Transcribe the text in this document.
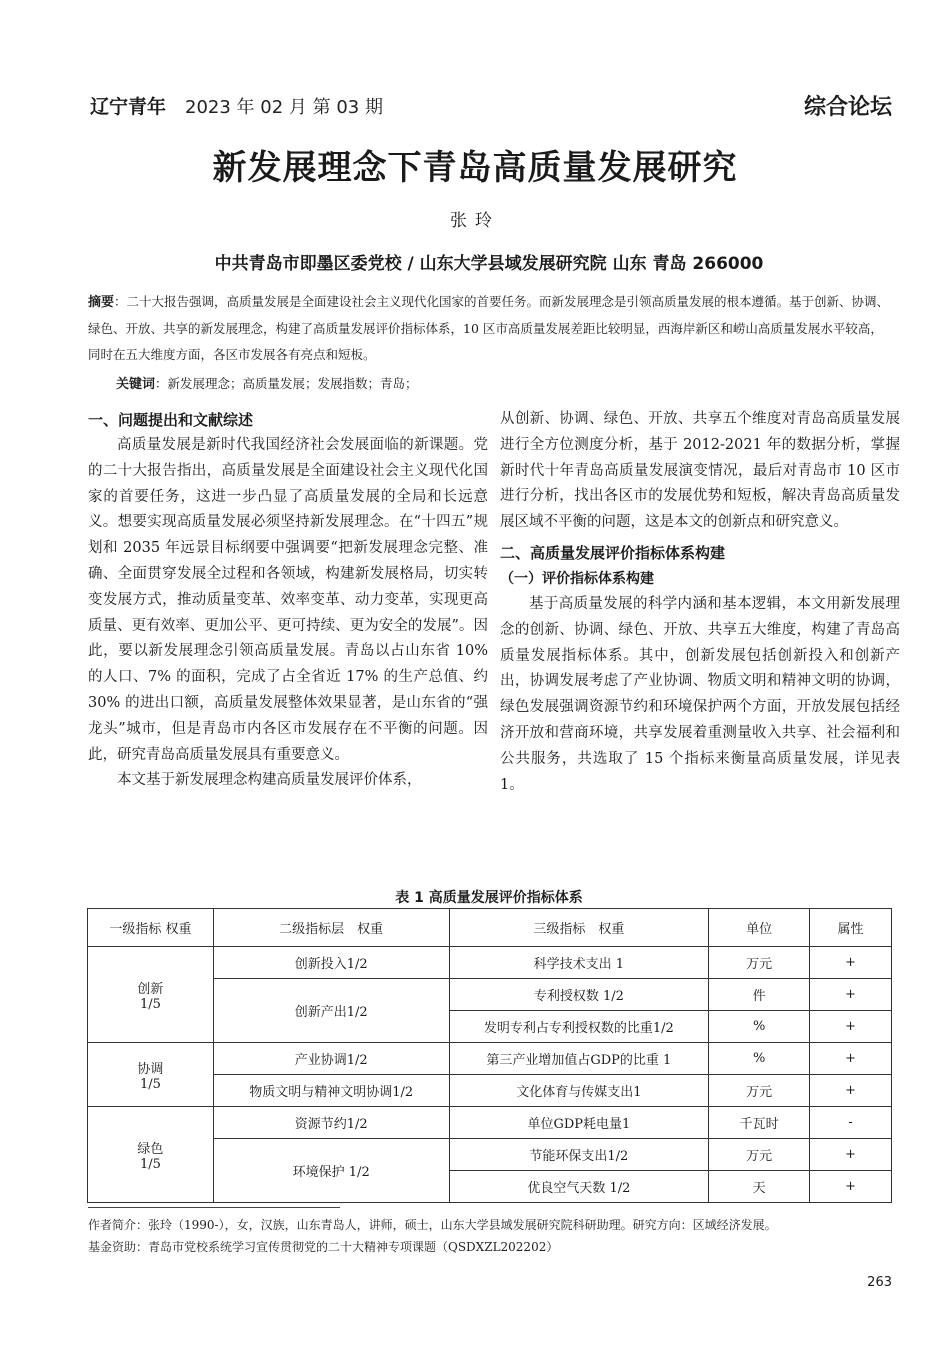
辽宁青年 2023 年 02 月 第 03 期	综合论坛
新发展理念下青岛高质量发展研究
张玲
中共青岛市即墨区委党校 / 山东大学县域发展研究院 山东 青岛 266000
摘要：二十大报告强调，高质量发展是全面建设社会主义现代化国家的首要任务。而新发展理念是引领高质量发展的根本遵循。基于创新、协调、绿色、开放、共享的新发展理念，构建了高质量发展评价指标体系，10 区市高质量发展差距比较明显，西海岸新区和崂山高质量发展水平较高，同时在五大维度方面，各区市发展各有亮点和短板。
关键词：新发展理念；高质量发展；发展指数；青岛；
一、问题提出和文献综述

高质量发展是新时代我国经济社会发展面临的新课题。党的二十大报告指出，高质量发展是全面建设社会主义现代化国家的首要任务，这进一步凸显了高质量发展的全局和长远意义。想要实现高质量发展必须坚持新发展理念。在“十四五”规划和 2035 年远景目标纲要中强调要“把新发展理念完整、准确、全面贯穿发展全过程和各领域，构建新发展格局，切实转变发展方式，推动质量变革、效率变革、动力变革，实现更高质量、更有效率、更加公平、更可持续、更为安全的发展”。因此，要以新发展理念引领高质量发展。青岛以占山东省 10% 的人口、7% 的面积，完成了占全省近 17% 的生产总值、约 30% 的进出口额，高质量发展整体效果显著，是山东省的“强龙头”城市，但是青岛市内各区市发展存在不平衡的问题。因此，研究青岛高质量发展具有重要意义。

本文基于新发展理念构建高质量发展评价体系，

从创新、协调、绿色、开放、共享五个维度对青岛高质量发展进行全方位测度分析，基于 2012-2021 年的数据分析，掌握新时代十年青岛高质量发展演变情况，最后对青岛市 10 区市进行分析，找出各区市的发展优势和短板，解决青岛高质量发展区域不平衡的问题，这是本文的创新点和研究意义。

二、高质量发展评价指标体系构建
（一）评价指标体系构建

基于高质量发展的科学内涵和基本逻辑，本文用新发展理念的创新、协调、绿色、开放、共享五大维度，构建了青岛高质量发展指标体系。其中，创新发展包括创新投入和创新产出，协调发展考虑了产业协调、物质文明和精神文明的协调，绿色发展强调资源节约和环境保护两个方面，开放发展包括经济开放和营商环境，共享发展着重测量收入共享、社会福利和公共服务，共选取了 15 个指标来衡量高质量发展，详见表 1。

表 1 高质量发展评价指标体系
一级指标 权重	二级指标层　权重	三级指标　权重	单位	属性

创新
1/5	创新投入1/2	科学技术支出 1	万元	+
	创新产出1/2	专利授权数 1/2	件	+
		发明专利占专利授权数的比重1/2	%	+

协调
1/5	产业协调1/2	第三产业增加值占GDP的比重 1	%	+
	物质文明与精神文明协调1/2	文化体育与传媒支出1	万元	+

绿色
1/5	资源节约1/2	单位GDP耗电量1	千瓦时	-
	环境保护 1/2	节能环保支出1/2	万元	+
		优良空气天数 1/2	天	+
作者简介：张玲（1990-），女，汉族，山东青岛人，讲师，硕士，山东大学县域发展研究院科研助理。研究方向：区域经济发展。
基金资助：青岛市党校系统学习宣传贯彻党的二十大精神专项课题（QSDXZL202202）
263
